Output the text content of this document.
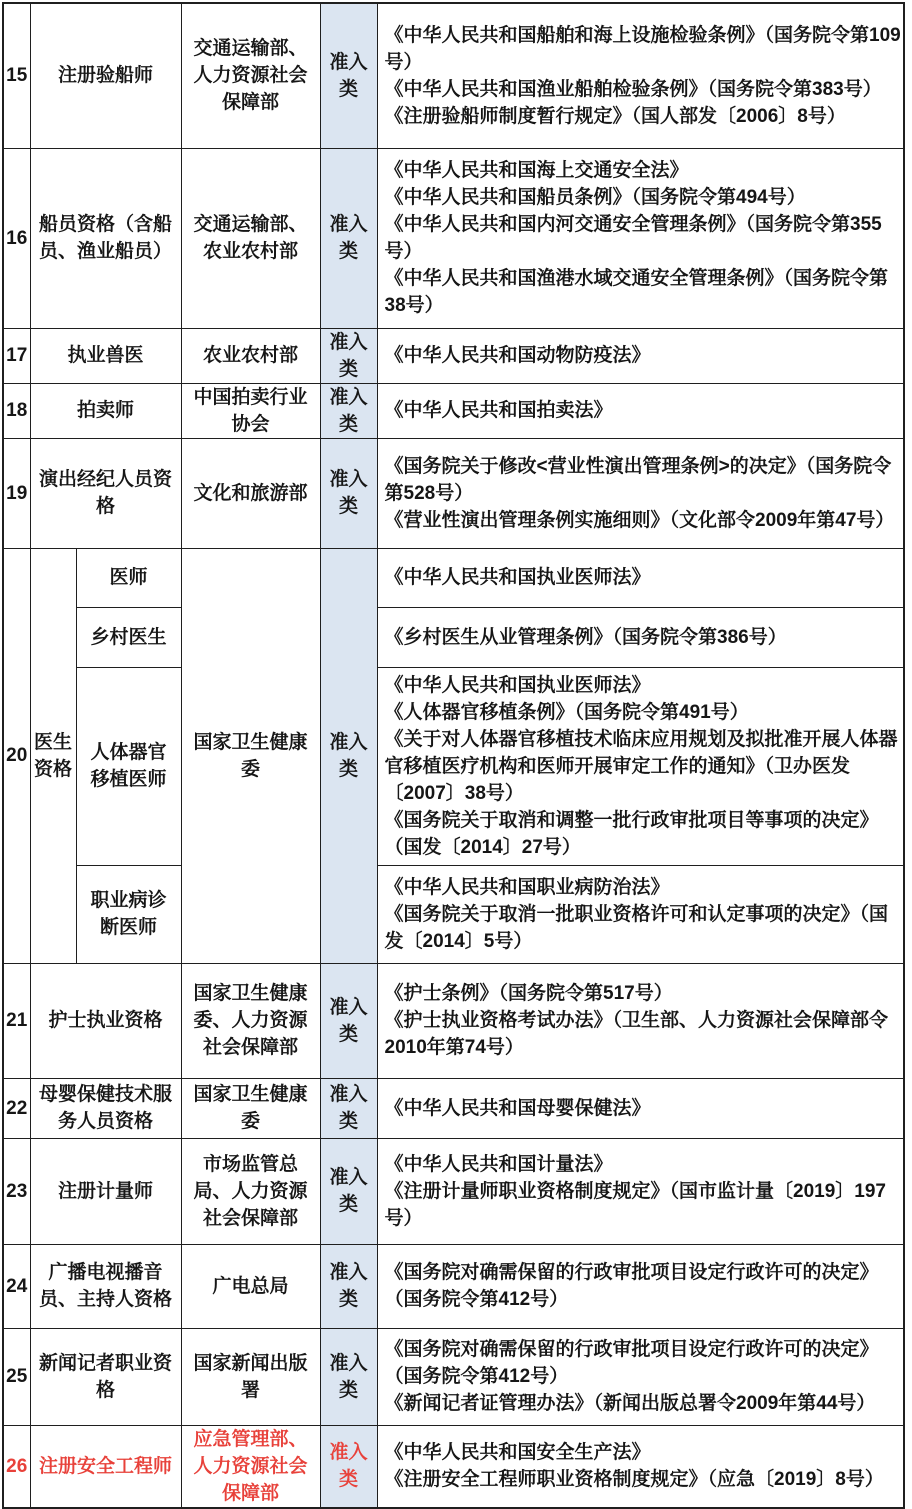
15	注册验船师		交通运输部、人力资源社会保障部	准入类	《中华人民共和国船舶和海上设施检验条例》（国务院令第109号）
《中华人民共和国渔业船舶检验条例》（国务院令第383号）
《注册验船师制度暂行规定》（国人部发〔2006〕8号）

16	船员资格（含船员、渔业船员）		交通运输部、农业农村部	准入类	《中华人民共和国海上交通安全法》
《中华人民共和国船员条例》（国务院令第494号）
《中华人民共和国内河交通安全管理条例》（国务院令第355号）
《中华人民共和国渔港水域交通安全管理条例》（国务院令第38号）

17	执业兽医		农业农村部	准入类	《中华人民共和国动物防疫法》

18	拍卖师		中国拍卖行业协会	准入类	《中华人民共和国拍卖法》

19	演出经纪人员资格		文化和旅游部	准入类	《国务院关于修改<营业性演出管理条例>的决定》（国务院令第528号）
《营业性演出管理条例实施细则》（文化部令2009年第47号）

20	医生资格	医师	国家卫生健康委	准入类	《中华人民共和国执业医师法》

		乡村医生			《乡村医生从业管理条例》（国务院令第386号）

		人体器官移植医师			《中华人民共和国执业医师法》
《人体器官移植条例》（国务院令第491号）
《关于对人体器官移植技术临床应用规划及拟批准开展人体器官移植医疗机构和医师开展审定工作的通知》（卫办医发〔2007〕38号）
《国务院关于取消和调整一批行政审批项目等事项的决定》（国发〔2014〕27号）

		职业病诊断医师			《中华人民共和国职业病防治法》
《国务院关于取消一批职业资格许可和认定事项的决定》（国发〔2014〕5号）

21	护士执业资格		国家卫生健康委、人力资源社会保障部	准入类	《护士条例》（国务院令第517号）
《护士执业资格考试办法》（卫生部、人力资源社会保障部令2010年第74号）

22	母婴保健技术服务人员资格		国家卫生健康委	准入类	《中华人民共和国母婴保健法》

23	注册计量师		市场监管总局、人力资源社会保障部	准入类	《中华人民共和国计量法》
《注册计量师职业资格制度规定》（国市监计量〔2019〕197号）

24	广播电视播音员、主持人资格		广电总局	准入类	《国务院对确需保留的行政审批项目设定行政许可的决定》（国务院令第412号）

25	新闻记者职业资格		国家新闻出版署	准入类	《国务院对确需保留的行政审批项目设定行政许可的决定》（国务院令第412号）
《新闻记者证管理办法》（新闻出版总署令2009年第44号）

26	注册安全工程师		应急管理部、人力资源社会保障部	准入类	《中华人民共和国安全生产法》
《注册安全工程师职业资格制度规定》（应急〔2019〕8号）
